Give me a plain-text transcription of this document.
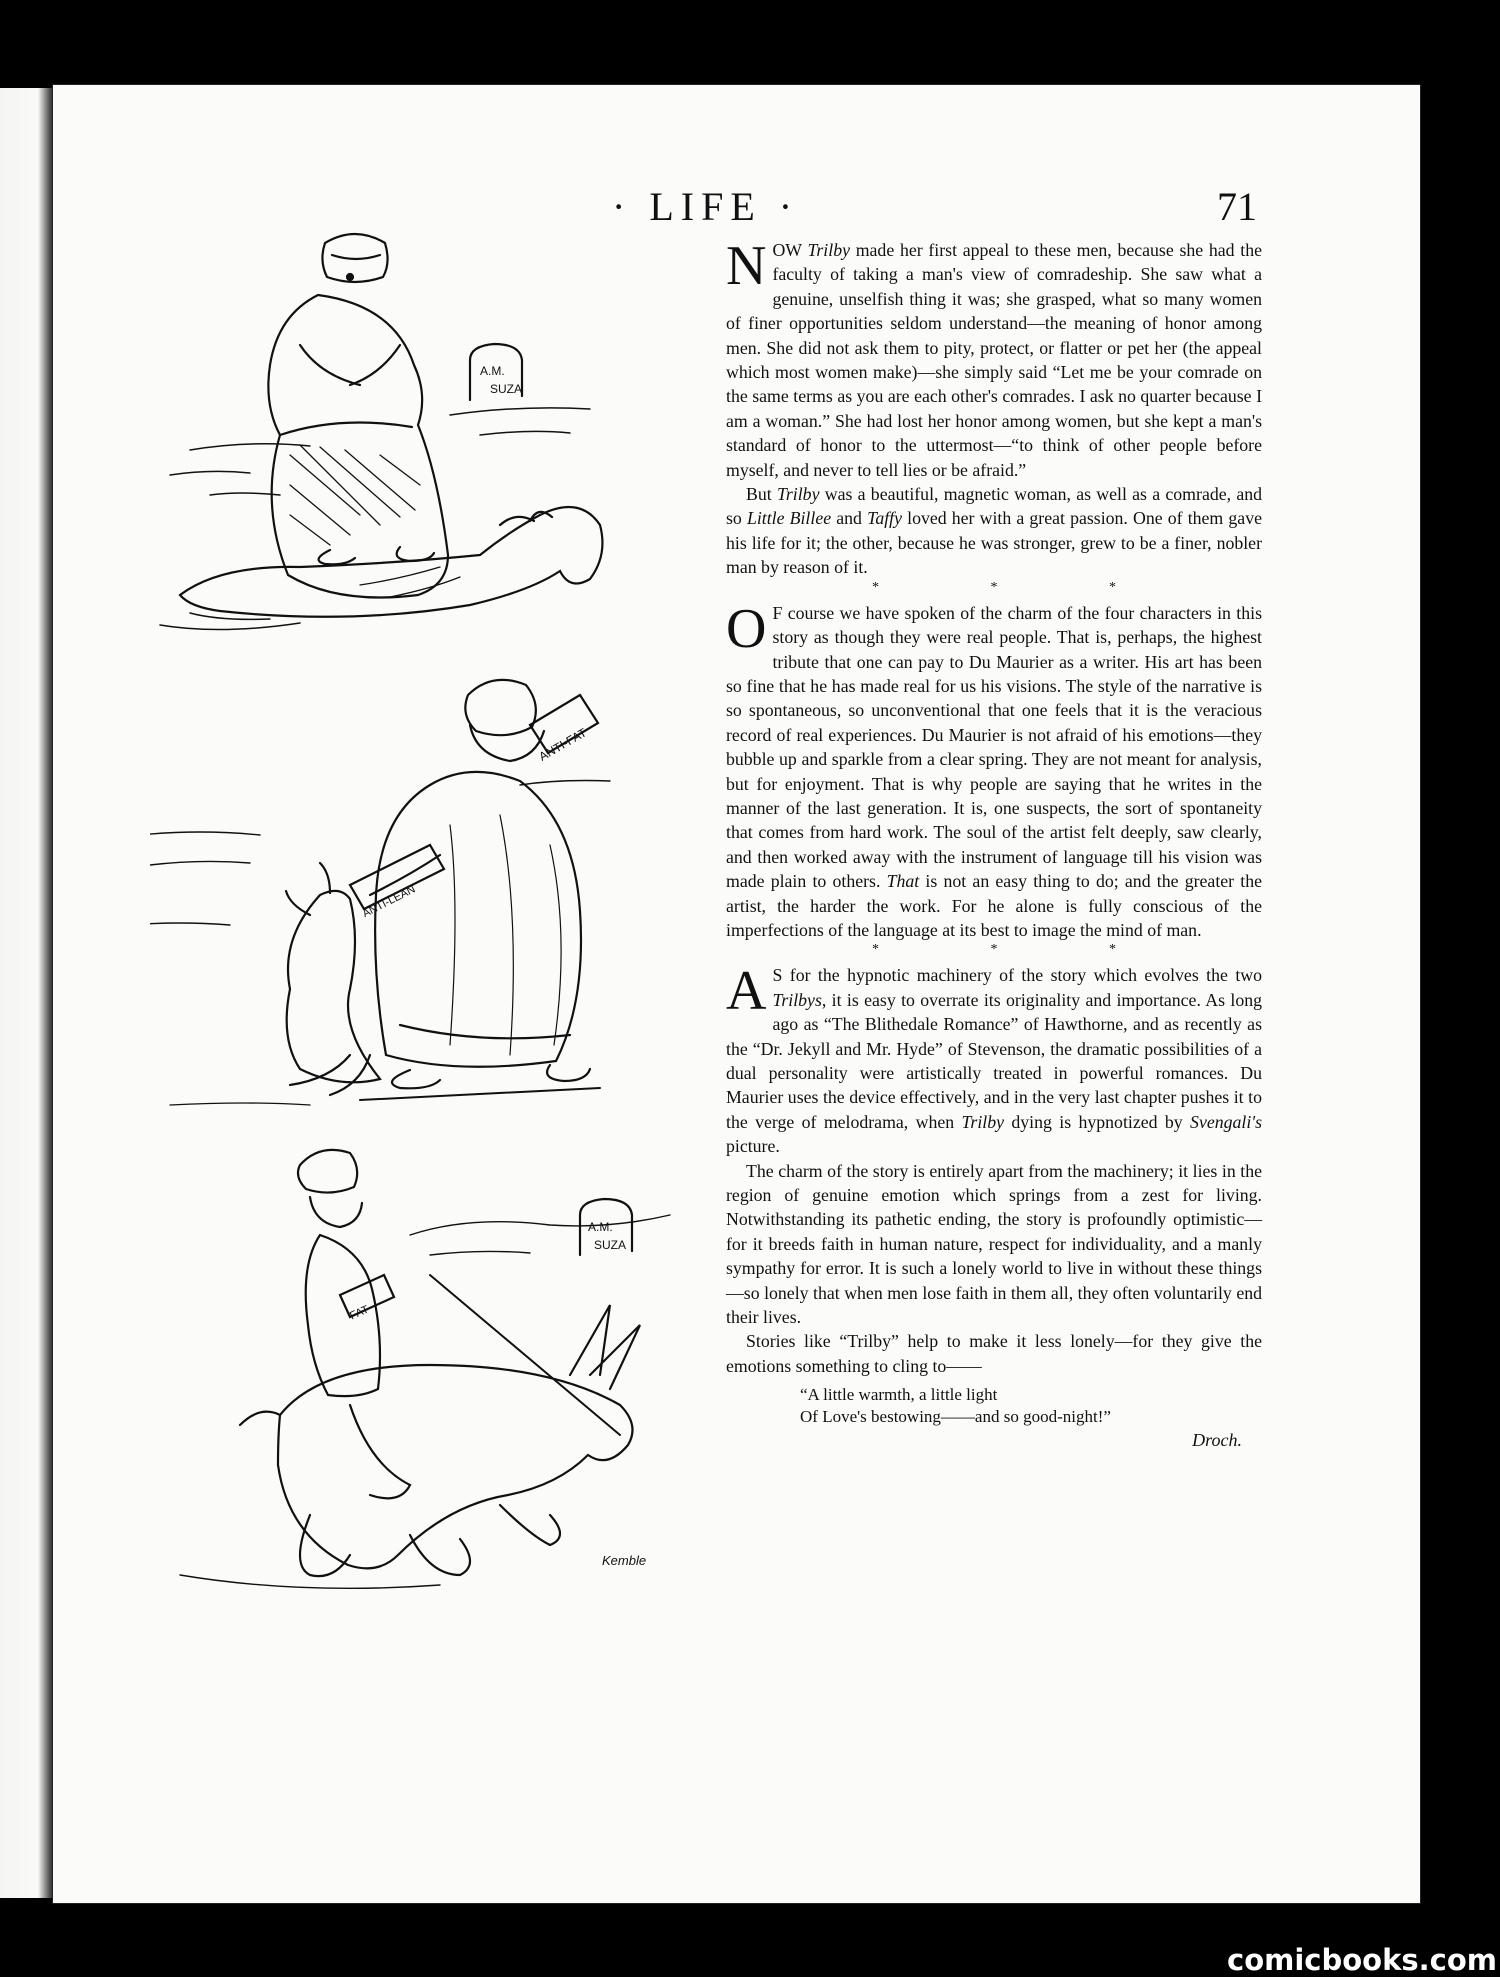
· LIFE ·	71
A.M.
SUZA
ANTI-FAT
ANTI-LEAN
A.M.
SUZA
FAT
Kemble

NOW Trilby made her first appeal to these men, because she had the faculty of taking a man's view of comradeship. She saw what a genuine, unselfish thing it was; she grasped, what so many women of finer opportunities seldom understand—the meaning of honor among men. She did not ask them to pity, protect, or flatter or pet her (the appeal which most women make)—she simply said “Let me be your comrade on the same terms as you are each other's comrades. I ask no quarter because I am a woman.” She had lost her honor among women, but she kept a man's standard of honor to the uttermost—“to think of other people before myself, and never to tell lies or be afraid.”

But Trilby was a beautiful, magnetic woman, as well as a comrade, and so Little Billee and Taffy loved her with a great passion. One of them gave his life for it; the other, because he was stronger, grew to be a finer, nobler man by reason of it.

* * *

O F course we have spoken of the charm of the four characters in this story as though they were real people. That is, perhaps, the highest tribute that one can pay to Du Maurier as a writer. His art has been so fine that he has made real for us his visions. The style of the narrative is so spontaneous, so unconventional that one feels that it is the veracious record of real experiences. Du Maurier is not afraid of his emotions—they bubble up and sparkle from a clear spring. They are not meant for analysis, but for enjoyment. That is why people are saying that he writes in the manner of the last generation. It is, one suspects, the sort of spontaneity that comes from hard work. The soul of the artist felt deeply, saw clearly, and then worked away with the instrument of language till his vision was made plain to others. That is not an easy thing to do; and the greater the artist, the harder the work. For he alone is fully conscious of the imperfections of the language at its best to image the mind of man.

* * *

A S for the hypnotic machinery of the story which evolves the two Trilbys, it is easy to overrate its originality and importance. As long ago as “The Blithedale Romance” of Hawthorne, and as recently as the “Dr. Jekyll and Mr. Hyde” of Stevenson, the dramatic possibilities of a dual personality were artistically treated in powerful romances. Du Maurier uses the device effectively, and in the very last chapter pushes it to the verge of melodrama, when Trilby dying is hypnotized by Svengali's picture.

The charm of the story is entirely apart from the machinery; it lies in the region of genuine emotion which springs from a zest for living. Notwithstanding its pathetic ending, the story is profoundly optimistic—for it breeds faith in human nature, respect for individuality, and a manly sympathy for error. It is such a lonely world to live in without these things—so lonely that when men lose faith in them all, they often voluntarily end their lives.

Stories like “Trilby” help to make it less lonely—for they give the emotions something to cling to——

“A little warmth, a little light
Of Love's bestowing——and so good-night!”
Droch.
comicbooks.com
